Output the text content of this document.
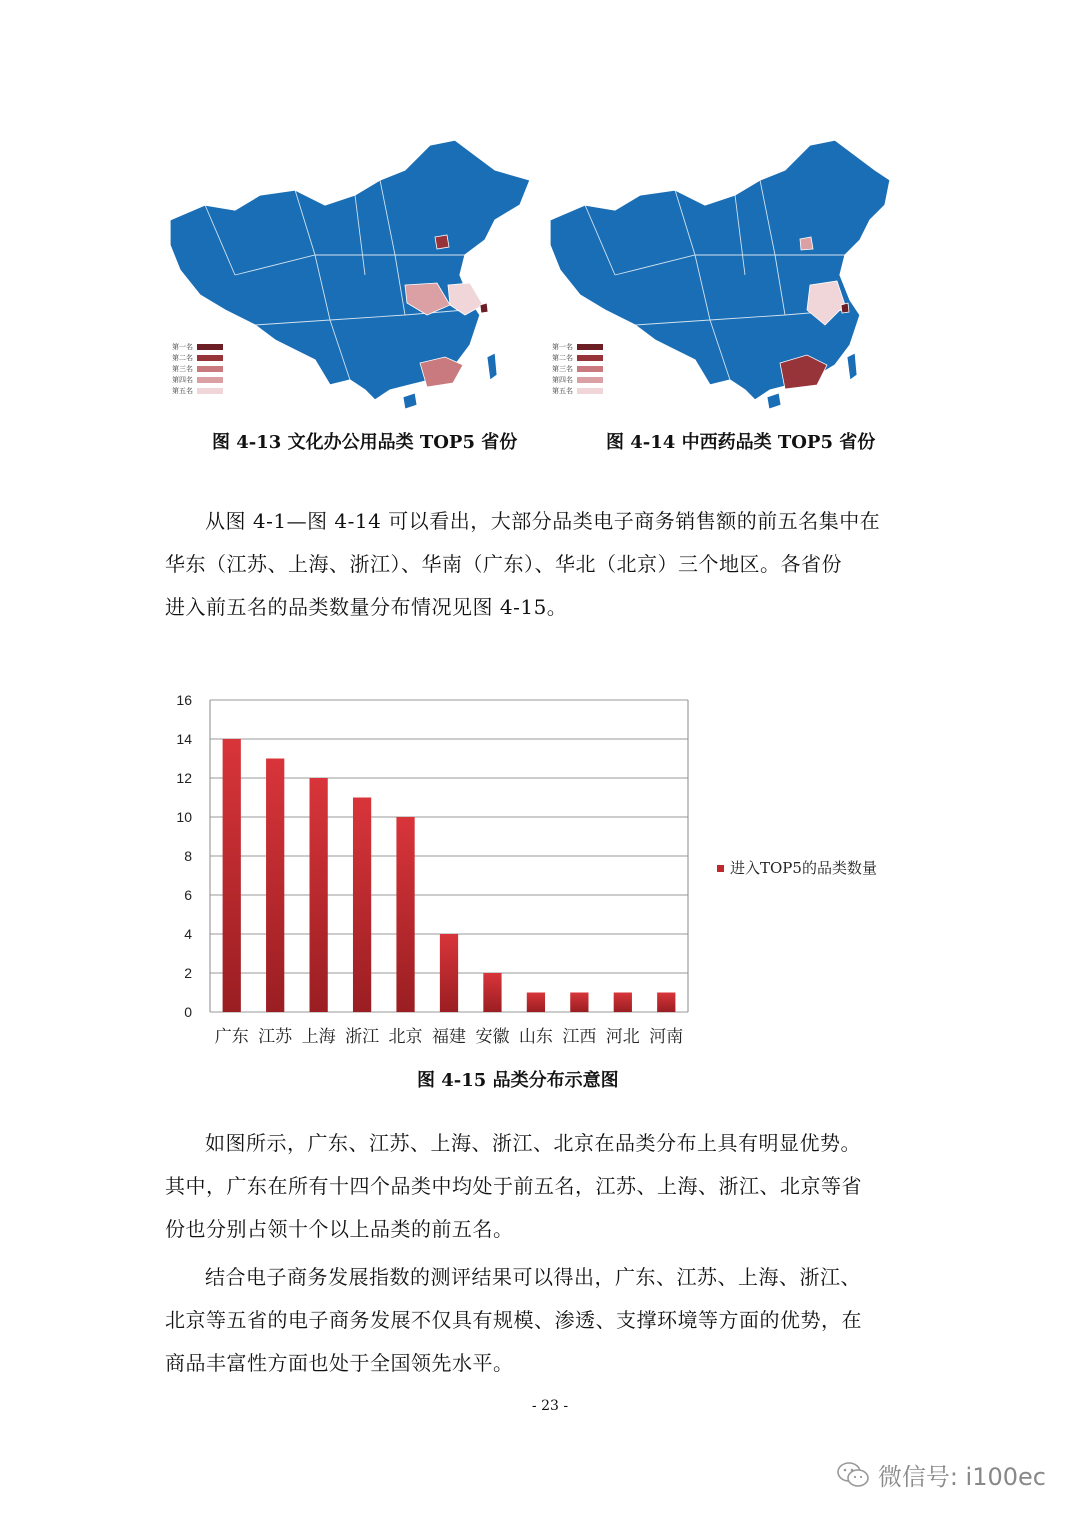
第一名
第二名
第三名
第四名
第五名
图 4-13 文化办公用品类 TOP5 省份
第一名
第二名
第三名
第四名
第五名
图 4-14 中西药品类 TOP5 省份

从图 4-1—图 4-14 可以看出，大部分品类电子商务销售额的前五名集中在

华东（江苏、上海、浙江）、华南（广东）、华北（北京）三个地区。各省份

进入前五名的品类数量分布情况见图 4-15。

0
2
4
6
8
10
12
14
16
广东 江苏 上海 浙江 北京 福建 安徽 山东 江西 河北 河南
进入TOP5的品类数量
图 4-15 品类分布示意图

如图所示，广东、江苏、上海、浙江、北京在品类分布上具有明显优势。

其中，广东在所有十四个品类中均处于前五名，江苏、上海、浙江、北京等省

份也分别占领十个以上品类的前五名。

结合电子商务发展指数的测评结果可以得出，广东、江苏、上海、浙江、

北京等五省的电子商务发展不仅具有规模、渗透、支撑环境等方面的优势，在

商品丰富性方面也处于全国领先水平。

- 23 -
微信号: i100ec
